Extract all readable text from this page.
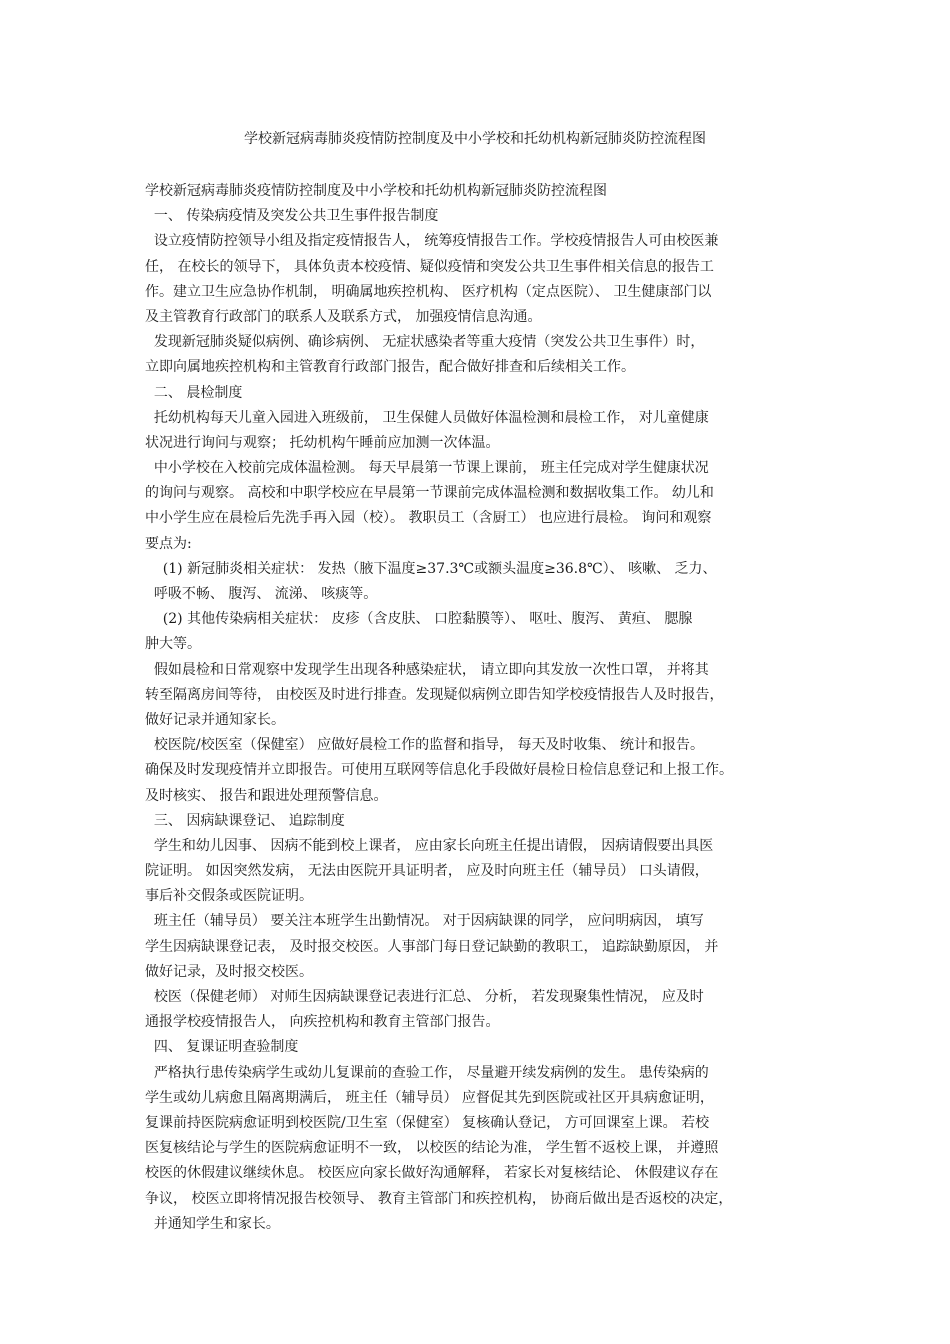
学校新冠病毒肺炎疫情防控制度及中小学校和托幼机构新冠肺炎防控流程图
学校新冠病毒肺炎疫情防控制度及中小学校和托幼机构新冠肺炎防控流程图
一、 传染病疫情及突发公共卫生事件报告制度
设立疫情防控领导小组及指定疫情报告人， 统筹疫情报告工作。学校疫情报告人可由校医兼
任， 在校长的领导下， 具体负责本校疫情、疑似疫情和突发公共卫生事件相关信息的报告工
作。建立卫生应急协作机制， 明确属地疾控机构、 医疗机构（定点医院）、 卫生健康部门以
及主管教育行政部门的联系人及联系方式， 加强疫情信息沟通。
发现新冠肺炎疑似病例、确诊病例、 无症状感染者等重大疫情（突发公共卫生事件）时，
立即向属地疾控机构和主管教育行政部门报告，配合做好排查和后续相关工作。
二、 晨检制度
托幼机构每天儿童入园进入班级前， 卫生保健人员做好体温检测和晨检工作， 对儿童健康
状况进行询问与观察； 托幼机构午睡前应加测一次体温。
中小学校在入校前完成体温检测。 每天早晨第一节课上课前， 班主任完成对学生健康状况
的询问与观察。 高校和中职学校应在早晨第一节课前完成体温检测和数据收集工作。 幼儿和
中小学生应在晨检后先洗手再入园（校）。 教职员工（含厨工） 也应进行晨检。 询问和观察
要点为:
(1) 新冠肺炎相关症状： 发热（腋下温度≥37.3℃或额头温度≥36.8℃）、 咳嗽、 乏力、
呼吸不畅、 腹泻、 流涕、 咳痰等。
(2) 其他传染病相关症状： 皮疹（含皮肤、 口腔黏膜等）、 呕吐、腹泻、 黄疸、 腮腺
肿大等。
假如晨检和日常观察中发现学生出现各种感染症状， 请立即向其发放一次性口罩， 并将其
转至隔离房间等待， 由校医及时进行排查。发现疑似病例立即告知学校疫情报告人及时报告，
做好记录并通知家长。
校医院/校医室（保健室） 应做好晨检工作的监督和指导， 每天及时收集、 统计和报告。
确保及时发现疫情并立即报告。可使用互联网等信息化手段做好晨检日检信息登记和上报工作。
及时核实、 报告和跟进处理预警信息。
三、 因病缺课登记、 追踪制度
学生和幼儿因事、 因病不能到校上课者， 应由家长向班主任提出请假， 因病请假要出具医
院证明。 如因突然发病， 无法由医院开具证明者， 应及时向班主任（辅导员） 口头请假，
事后补交假条或医院证明。
班主任（辅导员） 要关注本班学生出勤情况。 对于因病缺课的同学， 应问明病因， 填写
学生因病缺课登记表， 及时报交校医。人事部门每日登记缺勤的教职工， 追踪缺勤原因， 并
做好记录，及时报交校医。
校医（保健老师） 对师生因病缺课登记表进行汇总、 分析， 若发现聚集性情况， 应及时
通报学校疫情报告人， 向疾控机构和教育主管部门报告。
四、 复课证明查验制度
严格执行患传染病学生或幼儿复课前的查验工作， 尽量避开续发病例的发生。 患传染病的
学生或幼儿病愈且隔离期满后， 班主任（辅导员） 应督促其先到医院或社区开具病愈证明，
复课前持医院病愈证明到校医院/卫生室（保健室） 复核确认登记， 方可回课室上课。 若校
医复核结论与学生的医院病愈证明不一致， 以校医的结论为准， 学生暂不返校上课， 并遵照
校医的休假建议继续休息。 校医应向家长做好沟通解释， 若家长对复核结论、 休假建议存在
争议， 校医立即将情况报告校领导、 教育主管部门和疾控机构， 协商后做出是否返校的决定，
并通知学生和家长。
